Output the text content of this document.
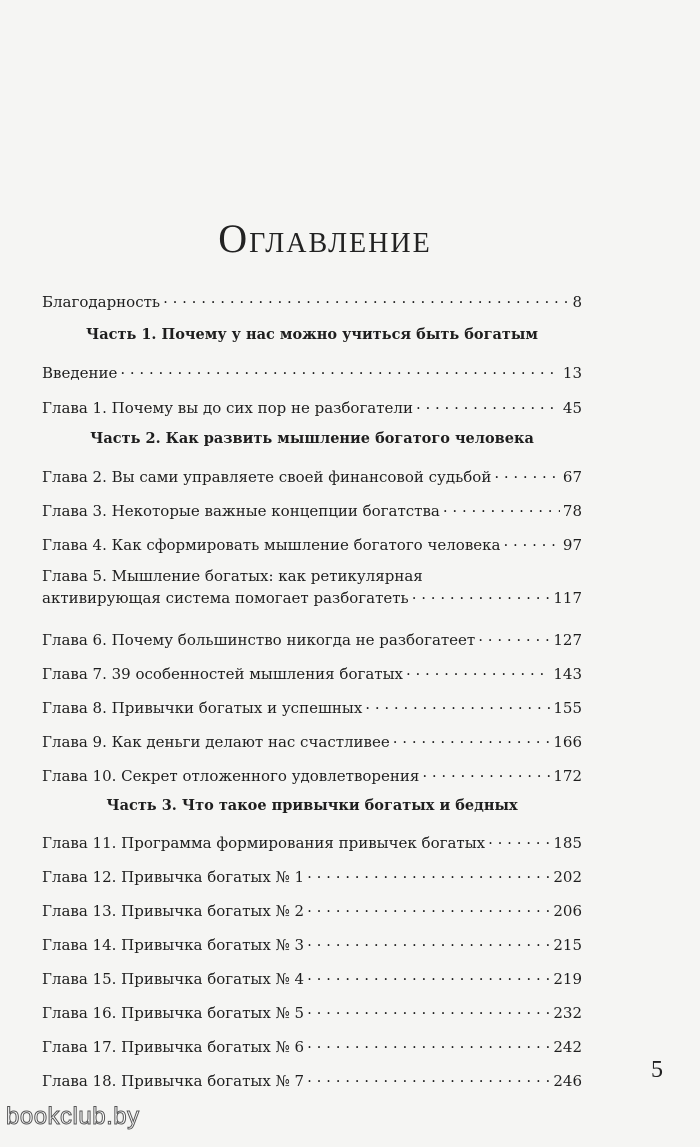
Оглавление
Благодарность . . .	8
Часть 1. Почему у нас можно учиться быть богатым
Введение . . .	13
Глава 1. Почему вы до сих пор не разбогатели . . .	45
Часть 2. Как развить мышление богатого человека
Глава 2. Вы сами управляете своей финансовой судьбой . . .	67
Глава 3. Некоторые важные концепции богатства . . .	78
Глава 4. Как сформировать мышление богатого человека . . .	97
Глава 5. Мышление богатых: как ретикулярная
активирующая система помогает разбогатеть . . .	117
Глава 6. Почему большинство никогда не разбогатеет . . .	127
Глава 7. 39 особенностей мышления богатых . . .	143
Глава 8. Привычки богатых и успешных . . .	155
Глава 9. Как деньги делают нас счастливее . . .	166
Глава 10. Секрет отложенного удовлетворения . . .	172
Часть 3. Что такое привычки богатых и бедных
Глава 11. Программа формирования привычек богатых . . .	185
Глава 12. Привычка богатых № 1 . . .	202
Глава 13. Привычка богатых № 2 . . .	206
Глава 14. Привычка богатых № 3 . . .	215
Глава 15. Привычка богатых № 4 . . .	219
Глава 16. Привычка богатых № 5 . . .	232
Глава 17. Привычка богатых № 6 . . .	242
Глава 18. Привычка богатых № 7 . . .	246	5
bookclub.by
